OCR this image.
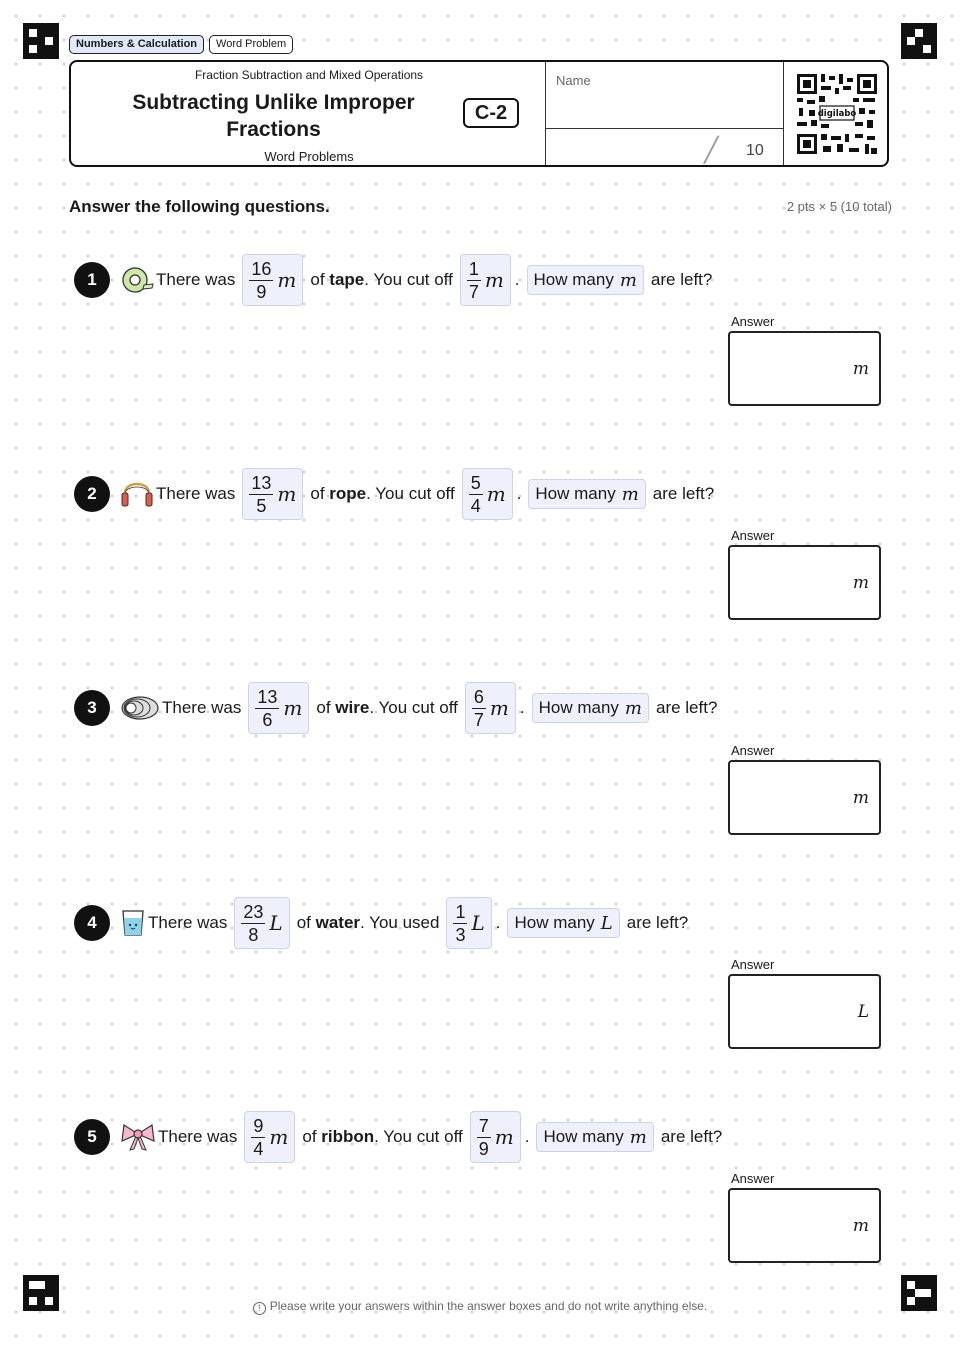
Numbers & Calculation	Word Problem
Fraction Subtraction and Mixed Operations
Subtracting Unlike Improper Fractions
Word Problems
C-2
Name
╱ 10
digilabo
Answer the following questions.	2 pts × 5 (10 total)
1	There was $\frac{16}{9}$ m of
tape . You cut off $\frac{1}{7}$ m . How many m are left?
Answer
m
2	There was $\frac{13}{5}$ m of
rope . You cut off $\frac{5}{4}$ m . How many m are left?
Answer
m
3	There was $\frac{13}{6}$ m of
wire . You cut off $\frac{6}{7}$ m . How many m are left?
Answer
m
4	There was $\frac{23}{8}$ L of
water . You used $\frac{1}{3}$ L . How many L are left?
Answer
L
5	There was $\frac{9}{4}$ m of
ribbon . You cut off $\frac{7}{9}$ m . How many m are left?
Answer
m
! Please write your answers within the answer boxes and do not write anything else.
